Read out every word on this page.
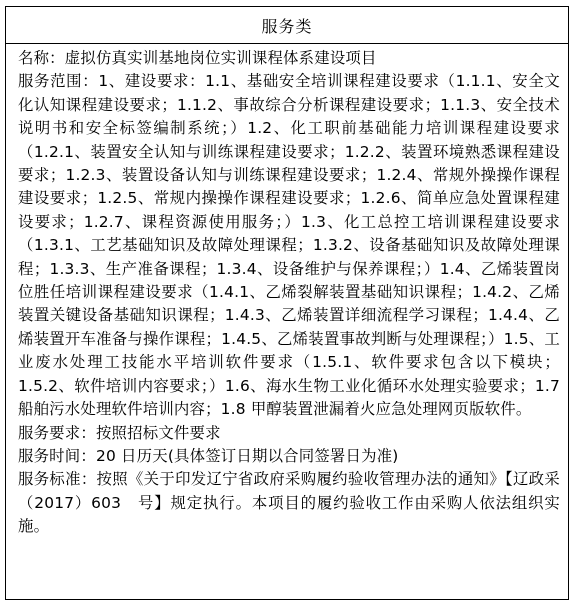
服务类

名称：虚拟仿真实训基地岗位实训课程体系建设项目

服务范围：1、建设要求：1.1、基础安全培训课程建设要求（1.1.1、安全文化认知课程建设要求；1.1.2、事故综合分析课程建设要求；1.1.3、安全技术说明书和安全标签编制系统；）1.2、化工职前基础能力培训课程建设要求（1.2.1、装置安全认知与训练课程建设要求；1.2.2、装置环境熟悉课程建设要求；1.2.3、装置设备认知与训练课程建设要求；1.2.4、常规外操操作课程建设要求；1.2.5、常规内操操作课程建设要求；1.2.6、简单应急处置课程建设要求；1.2.7、课程资源使用服务；）1.3、化工总控工培训课程建设要求（1.3.1、工艺基础知识及故障处理课程；1.3.2、设备基础知识及故障处理课程；1.3.3、生产准备课程；1.3.4、设备维护与保养课程；）1.4、乙烯装置岗位胜任培训课程建设要求（1.4.1、乙烯裂解装置基础知识课程；1.4.2、乙烯装置关键设备基础知识课程；1.4.3、乙烯装置详细流程学习课程；1.4.4、乙烯装置开车准备与操作课程；1.4.5、乙烯装置事故判断与处理课程；）1.5、工业废水处理工技能水平培训软件要求（1.5.1、软件要求包含以下模块；1.5.2、软件培训内容要求；）1.6、海水生物工业化循环水处理实验要求；1.7 船舶污水处理软件培训内容；1.8 甲醇装置泄漏着火应急处理网页版软件。

服务要求：按照招标文件要求

服务时间：20 日历天(具体签订日期以合同签署日为准)

服务标准：按照《关于印发辽宁省政府采购履约验收管理办法的通知》【辽政采（2017）603　号】规定执行。本项目的履约验收工作由采购人依法组织实施。
